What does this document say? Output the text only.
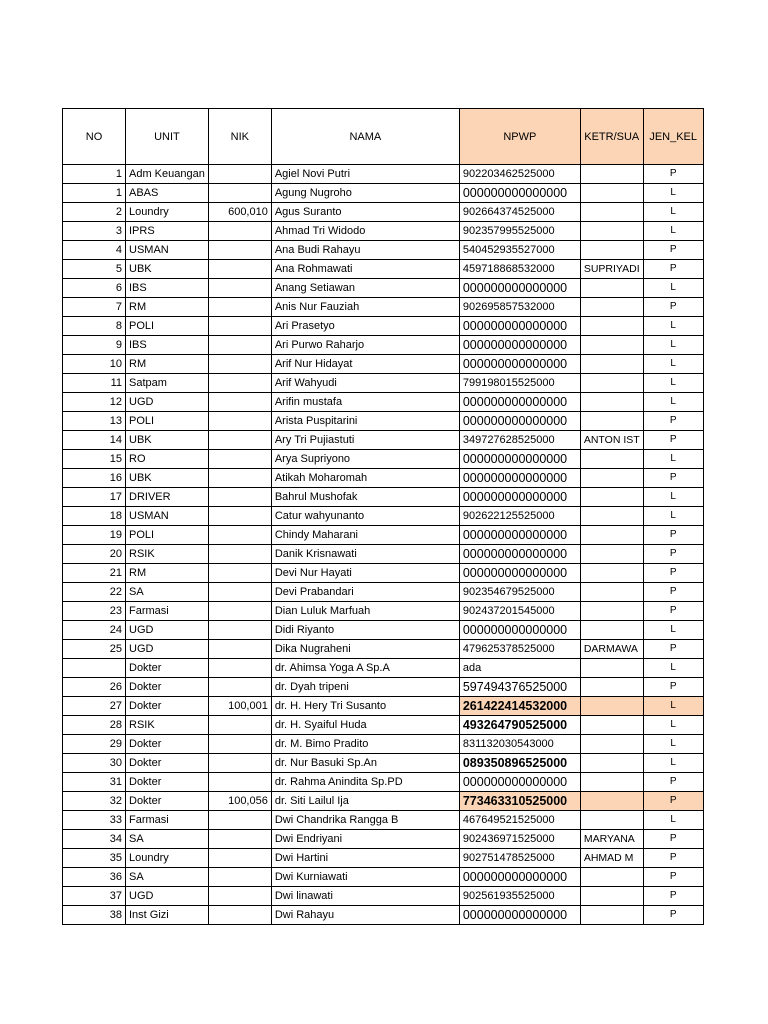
NO	UNIT	NIK	NAMA	NPWP	KETR/SUA	JEN_KEL
1	Adm Keuangan		Agiel Novi Putri	902203462525000		P
1	ABAS		Agung Nugroho	000000000000000		L
2	Loundry	600,010	Agus Suranto	902664374525000		L
3	IPRS		Ahmad Tri Widodo	902357995525000		L
4	USMAN		Ana Budi Rahayu	540452935527000		P
5	UBK		Ana Rohmawati	459718868532000	SUPRIYADI	P
6	IBS		Anang Setiawan	000000000000000		L
7	RM		Anis Nur Fauziah	902695857532000		P
8	POLI		Ari Prasetyo	000000000000000		L
9	IBS		Ari Purwo Raharjo	000000000000000		L
10	RM		Arif Nur Hidayat	000000000000000		L
11	Satpam		Arif Wahyudi	799198015525000		L
12	UGD		Arifin mustafa	000000000000000		L
13	POLI		Arista Puspitarini	000000000000000		P
14	UBK		Ary Tri Pujiastuti	349727628525000	ANTON IST	P
15	RO		Arya Supriyono	000000000000000		L
16	UBK		Atikah Moharomah	000000000000000		P
17	DRIVER		Bahrul Mushofak	000000000000000		L
18	USMAN		Catur wahyunanto	902622125525000		L
19	POLI		Chindy Maharani	000000000000000		P
20	RSIK		Danik Krisnawati	000000000000000		P
21	RM		Devi Nur Hayati	000000000000000		P
22	SA		Devi Prabandari	902354679525000		P
23	Farmasi		Dian Luluk Marfuah	902437201545000		P
24	UGD		Didi Riyanto	000000000000000		L
25	UGD		Dika Nugraheni	479625378525000	DARMAWA	P
	Dokter		dr. Ahimsa Yoga A Sp.A	ada		L
26	Dokter		dr. Dyah tripeni	597494376525000		P
27	Dokter	100,001	dr. H. Hery Tri Susanto	261422414532000		L
28	RSIK		dr. H. Syaiful Huda	493264790525000		L
29	Dokter		dr. M. Bimo Pradito	831132030543000		L
30	Dokter		dr. Nur Basuki Sp.An	089350896525000		L
31	Dokter		dr. Rahma Anindita Sp.PD	000000000000000		P
32	Dokter	100,056	dr. Siti Lailul Ija	773463310525000		P
33	Farmasi		Dwi Chandrika Rangga B	467649521525000		L
34	SA		Dwi Endriyani	902436971525000	MARYANA	P
35	Loundry		Dwi Hartini	902751478525000	AHMAD M	P
36	SA		Dwi Kurniawati	000000000000000		P
37	UGD		Dwi linawati	902561935525000		P
38	Inst Gizi		Dwi Rahayu	000000000000000		P
